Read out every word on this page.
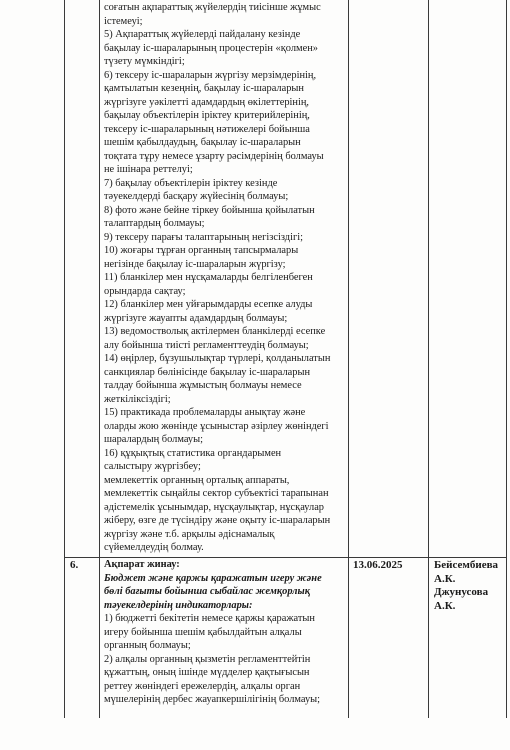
соғатын ақпараттық жүйелердің тиісінше жұмыс
істемеуі;
5) Ақпараттық жүйелерді пайдалану кезінде
бақылау іс-шараларының процестерін «қолмен»
түзету мүмкіндігі;
6) тексеру іс-шараларын жүргізу мерзімдерінің,
қамтылатын кезеңнің, бақылау іс-шараларын
жүргізуге уәкілетті адамдардың өкілеттерінің,
бақылау объектілерін іріктеу критерийлерінің,
тексеру іс-шараларының нәтижелері бойынша
шешім қабылдаудың, бақылау іс-шараларын
тоқтата тұру немесе ұзарту рәсімдерінің болмауы
не ішінара реттелуі;
7) бақылау объектілерін іріктеу кезінде
тәуекелдерді басқару жүйесінің болмауы;
8) фото және бейне тіркеу бойынша қойылатын
талаптардың болмауы;
9) тексеру парағы талаптарының негізсіздігі;
10) жоғары тұрған органның тапсырмалары
негізінде бақылау іс-шараларын жүргізу;
11) бланкілер мен нұсқамаларды белгіленбеген
орындарда сақтау;
12) бланкілер мен уйғарымдарды есепке алуды
жүргізуге жауапты адамдардың болмауы;
13) ведомостволық актілермен бланкілерді есепке
алу бойынша тиісті регламенттеудің болмауы;
14) өңірлер, бұзушылықтар түрлері, қолданылатын
санкциялар бөлінісінде бақылау іс-шараларын
талдау бойынша жұмыстың болмауы немесе
жеткіліксіздігі;
15) практикада проблемаларды анықтау және
оларды жою жөнінде ұсыныстар әзірлеу жөніндегі
шаралардың болмауы;
16) құқықтық статистика органдарымен
салыстыру жүргізбеу;
мемлекеттік органның орталық аппараты,
мемлекеттік сыңайлы сектор субъектісі тарапынан
әдістемелік ұсынымдар, нұсқаулықтар, нұсқаулар
жіберу, өзге де түсіндіру және оқыту іс-шараларын
жүргізу және т.б. арқылы әдіснамалық
сүйемелдеудің болмау.
6. Ақпарат жинау:
Бюджет және қаржы қаражатын игеру және
бөлі бағыты бойынша сыбайлас жемқорлық
тәуекелдерінің индикаторлары:
1) бюджетті бекітетін немесе қаржы қаражатын
игеру бойынша шешім қабылдайтын алқалы
органның болмауы;
2) алқалы органның қызметін регламенттейтін
құжаттың, оның ішінде мүдделер қақтығысын
реттеу жөніндегі ережелердің, алқалы орган
мүшелерінің дербес жауапкершілігінің болмауы;
13.06.2025	Бейсембиева
А.К.
Джунусова
А.К.
